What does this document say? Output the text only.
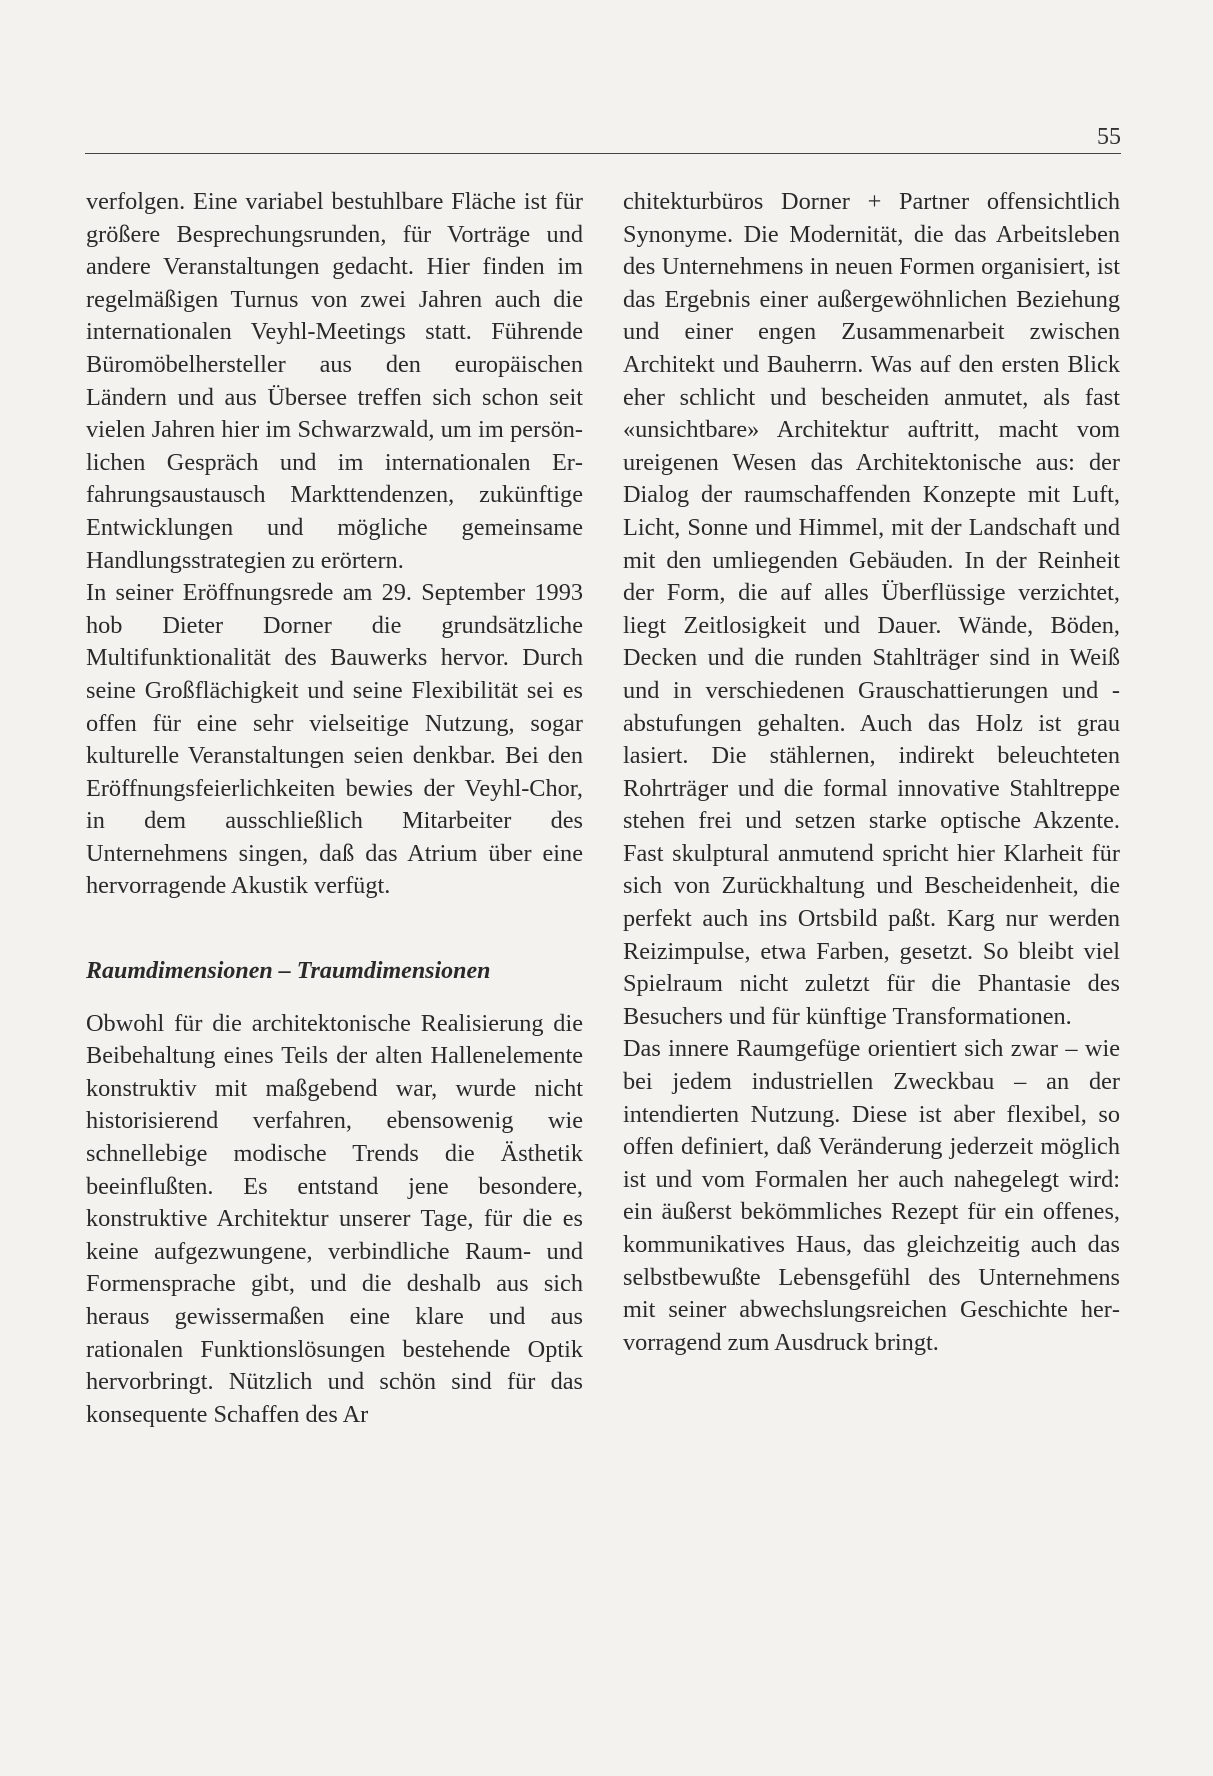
55

verfolgen. Eine variabel bestuhlbare Fläche ist für größere Besprechungsrunden, für Vorträge und andere Veranstaltungen gedacht. Hier finden im regelmäßigen Turnus von zwei Jahren auch die internationalen Veyhl-Meetings statt. Führende Büromöbelhersteller aus den europäischen Ländern und aus Übersee treffen sich schon seit vielen Jahren hier im Schwarzwald, um im persönlichen Gespräch und im internationalen Erfahrungsaustausch Markttendenzen, zukünftige Entwicklungen und mögliche gemeinsame Handlungsstrategien zu erörtern.

In seiner Eröffnungsrede am 29. September 1993 hob Dieter Dorner die grundsätzliche Multifunktionalität des Bauwerks hervor. Durch seine Großflächigkeit und seine Flexibilität sei es offen für eine sehr vielseitige Nutzung, sogar kulturelle Veranstaltungen seien denkbar. Bei den Eröffnungsfeierlichkeiten bewies der Veyhl-Chor, in dem ausschließlich Mitarbeiter des Unternehmens singen, daß das Atrium über eine hervorragende Akustik verfügt.

Raumdimensionen – Traumdimensionen

Obwohl für die architektonische Realisierung die Beibehaltung eines Teils der alten Hallenelemente konstruktiv mit maßgebend war, wurde nicht historisierend verfahren, ebensowenig wie schnellebige modische Trends die Ästhetik beeinflußten. Es entstand jene besondere, konstruktive Architektur unserer Tage, für die es keine aufgezwungene, verbindliche Raum- und Formensprache gibt, und die deshalb aus sich heraus gewissermaßen eine klare und aus rationalen Funktionslösungen bestehende Optik hervorbringt. Nützlich und schön sind für das konsequente Schaffen des Ar

chitekturbüros Dorner + Partner offensichtlich Synonyme. Die Modernität, die das Arbeitsleben des Unternehmens in neuen Formen organisiert, ist das Ergebnis einer außergewöhnlichen Beziehung und einer engen Zusammenarbeit zwischen Architekt und Bauherrn. Was auf den ersten Blick eher schlicht und bescheiden anmutet, als fast «unsichtbare» Architektur auftritt, macht vom ureigenen Wesen das Architektonische aus: der Dialog der raumschaffenden Konzepte mit Luft, Licht, Sonne und Himmel, mit der Landschaft und mit den umliegenden Gebäuden. In der Reinheit der Form, die auf alles Überflüssige verzichtet, liegt Zeitlosigkeit und Dauer. Wände, Böden, Decken und die runden Stahlträger sind in Weiß und in verschiedenen Grauschattierungen und -abstufungen gehalten. Auch das Holz ist grau lasiert. Die stählernen, indirekt beleuchteten Rohrträger und die formal innovative Stahltreppe stehen frei und setzen starke optische Akzente. Fast skulptural anmutend spricht hier Klarheit für sich von Zurückhaltung und Bescheidenheit, die perfekt auch ins Ortsbild paßt. Karg nur werden Reizimpulse, etwa Farben, gesetzt. So bleibt viel Spielraum nicht zuletzt für die Phantasie des Besuchers und für künftige Transformationen.

Das innere Raumgefüge orientiert sich zwar – wie bei jedem industriellen Zweckbau – an der intendierten Nutzung. Diese ist aber flexibel, so offen definiert, daß Veränderung jederzeit möglich ist und vom Formalen her auch nahegelegt wird: ein äußerst bekömmliches Rezept für ein offenes, kommunikatives Haus, das gleichzeitig auch das selbstbewußte Lebensgefühl des Unternehmens mit seiner abwechslungsreichen Geschichte hervorragend zum Ausdruck bringt.
